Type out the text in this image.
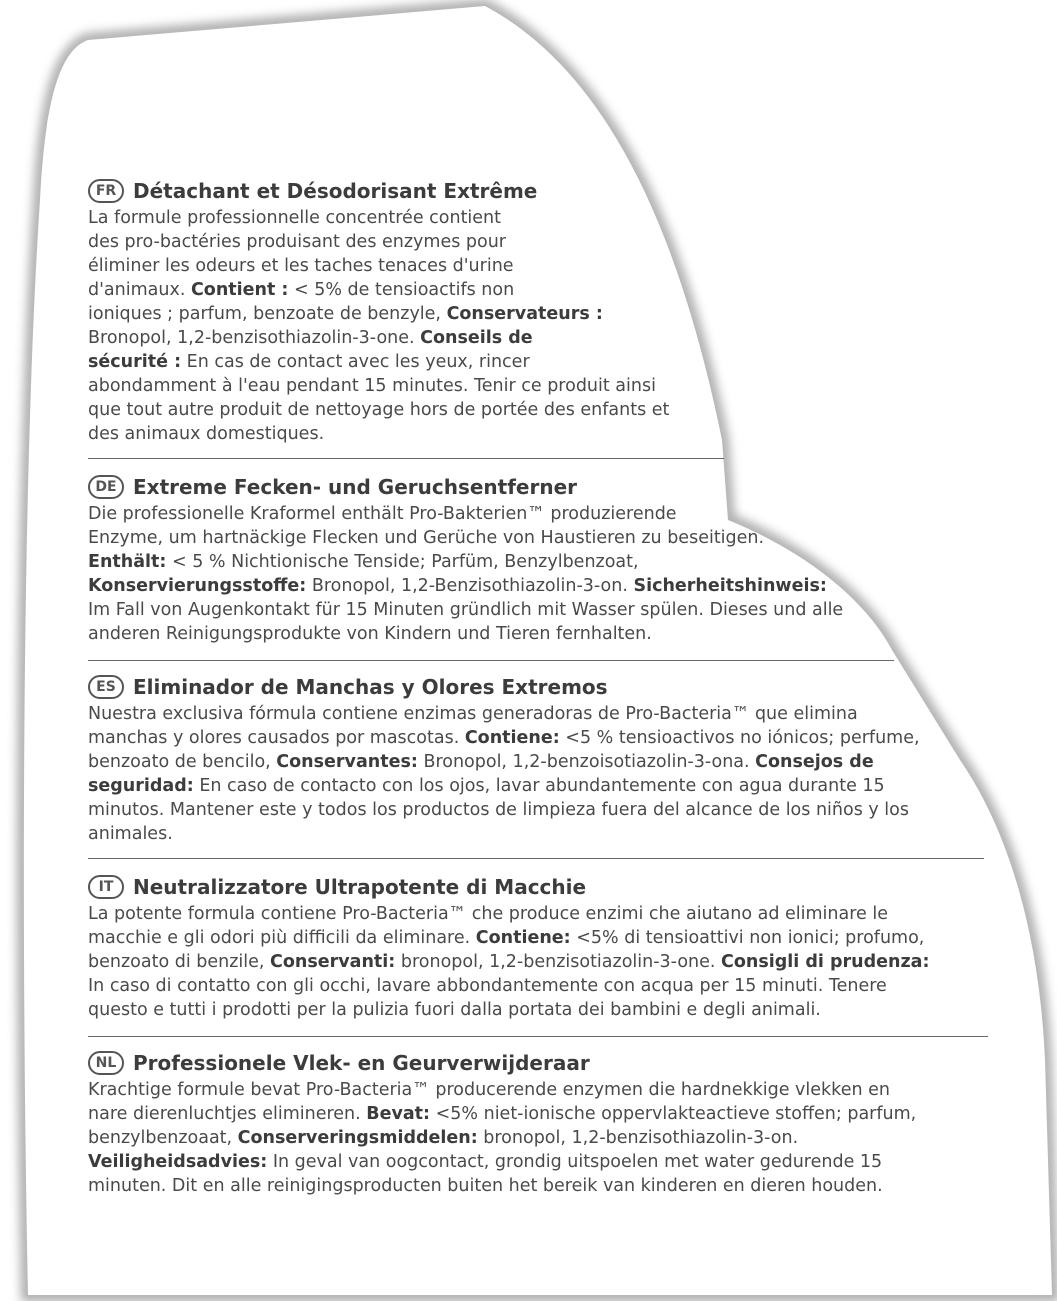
FR Détachant et Désodorisant Extrême
La formule professionnelle concentrée contient
des pro-bactéries produisant des enzymes pour
éliminer les odeurs et les taches tenaces d'urine
d'animaux. Contient : < 5% de tensioactifs non
ioniques ; parfum, benzoate de benzyle, Conservateurs :
Bronopol, 1,2-benzisothiazolin-3-one. Conseils de
sécurité : En cas de contact avec les yeux, rincer
abondamment à l'eau pendant 15 minutes. Tenir ce produit ainsi
que tout autre produit de nettoyage hors de portée des enfants et
des animaux domestiques.
DE Extreme Fecken- und Geruchsentferner
Die professionelle Kraformel enthält Pro-Bakterien™ produzierende
Enzyme, um hartnäckige Flecken und Gerüche von Haustieren zu beseitigen.
Enthält: < 5 % Nichtionische Tenside; Parfüm, Benzylbenzoat,
Konservierungsstoffe: Bronopol, 1,2-Benzisothiazolin-3-on. Sicherheitshinweis:
Im Fall von Augenkontakt für 15 Minuten gründlich mit Wasser spülen. Dieses und alle
anderen Reinigungsprodukte von Kindern und Tieren fernhalten.
ES Eliminador de Manchas y Olores Extremos
Nuestra exclusiva fórmula contiene enzimas generadoras de Pro-Bacteria™ que elimina
manchas y olores causados por mascotas. Contiene: <5 % tensioactivos no iónicos; perfume,
benzoato de bencilo, Conservantes: Bronopol, 1,2-benzoisotiazolin-3-ona. Consejos de
seguridad: En caso de contacto con los ojos, lavar abundantemente con agua durante 15
minutos. Mantener este y todos los productos de limpieza fuera del alcance de los niños y los
animales.
IT Neutralizzatore Ultrapotente di Macchie
La potente formula contiene Pro-Bacteria™ che produce enzimi che aiutano ad eliminare le
macchie e gli odori più difficili da eliminare. Contiene: <5% di tensioattivi non ionici; profumo,
benzoato di benzile, Conservanti: bronopol, 1,2-benzisotiazolin-3-one. Consigli di prudenza:
In caso di contatto con gli occhi, lavare abbondantemente con acqua per 15 minuti. Tenere
questo e tutti i prodotti per la pulizia fuori dalla portata dei bambini e degli animali.
NL Professionele Vlek- en Geurverwijderaar
Krachtige formule bevat Pro-Bacteria™ producerende enzymen die hardnekkige vlekken en
nare dierenluchtjes elimineren. Bevat: <5% niet-ionische oppervlakteactieve stoffen; parfum,
benzylbenzoaat, Conserveringsmiddelen: bronopol, 1,2-benzisothiazolin-3-on.
Veiligheidsadvies: In geval van oogcontact, grondig uitspoelen met water gedurende 15
minuten. Dit en alle reinigingsproducten buiten het bereik van kinderen en dieren houden.
